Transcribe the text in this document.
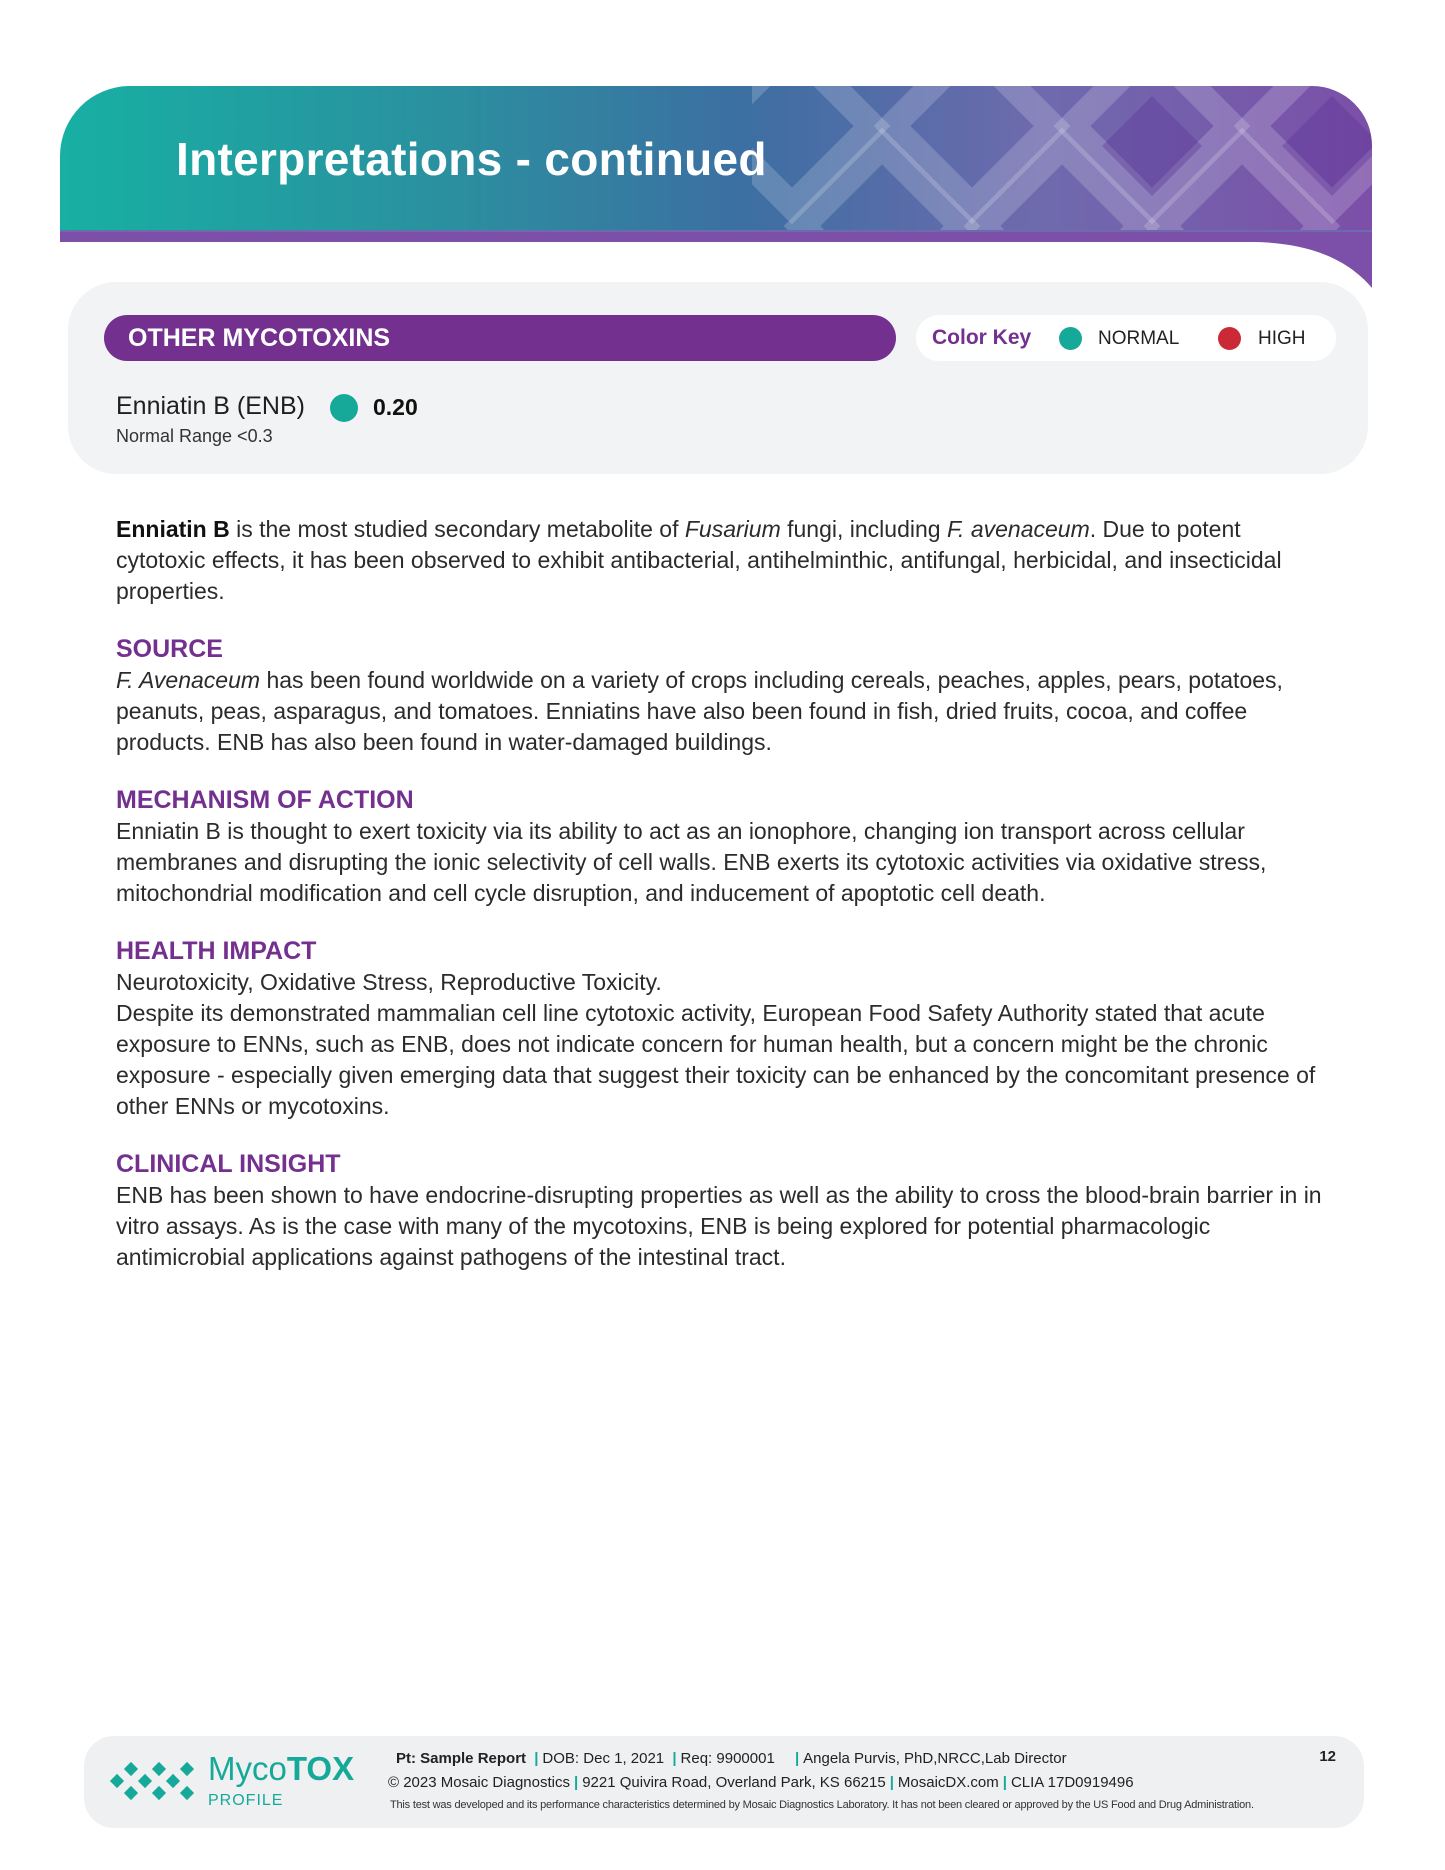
Interpretations - continued
OTHER MYCOTOXINS	Color Key	NORMAL	HIGH
Enniatin B (ENB)	0.20
Normal Range <0.3

Enniatin B is the most studied secondary metabolite of Fusarium fungi, including F. avenaceum. Due to potent cytotoxic effects, it has been observed to exhibit antibacterial, antihelminthic, antifungal, herbicidal, and insecticidal properties.

SOURCE

F. Avenaceum has been found worldwide on a variety of crops including cereals, peaches, apples, pears, potatoes, peanuts, peas, asparagus, and tomatoes. Enniatins have also been found in fish, dried fruits, cocoa, and coffee products. ENB has also been found in water-damaged buildings.

MECHANISM OF ACTION

Enniatin B is thought to exert toxicity via its ability to act as an ionophore, changing ion transport across cellular membranes and disrupting the ionic selectivity of cell walls. ENB exerts its cytotoxic activities via oxidative stress, mitochondrial modification and cell cycle disruption, and inducement of apoptotic cell death.

HEALTH IMPACT

Neurotoxicity, Oxidative Stress, Reproductive Toxicity.

Despite its demonstrated mammalian cell line cytotoxic activity, European Food Safety Authority stated that acute exposure to ENNs, such as ENB, does not indicate concern for human health, but a concern might be the chronic exposure - especially given emerging data that suggest their toxicity can be enhanced by the concomitant presence of other ENNs or mycotoxins.

CLINICAL INSIGHT

ENB has been shown to have endocrine-disrupting properties as well as the ability to cross the blood-brain barrier in in vitro assays. As is the case with many of the mycotoxins, ENB is being explored for potential pharmacologic antimicrobial applications against pathogens of the intestinal tract.

MycoTOX
PROFILE
Pt: Sample Report | DOB: Dec 1, 2021 | Req: 9900001 | Angela Purvis, PhD,NRCC,Lab Director
© 2023 Mosaic Diagnostics | 9221 Quivira Road, Overland Park, KS 66215 | MosaicDX.com | CLIA 17D0919496
This test was developed and its performance characteristics determined by Mosaic Diagnostics Laboratory. It has not been cleared or approved by the US Food and Drug Administration.
12
